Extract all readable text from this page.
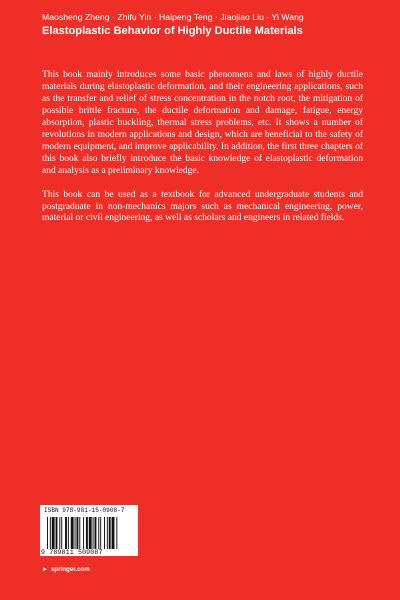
Maosheng Zheng · Zhifu Yin · Haipeng Teng · Jiaojiao Liu · Yi Wang
Elastoplastic Behavior of Highly Ductile Materials

This book mainly introduces some basic phenomena and laws of highly ductile materials during elastoplastic deformation, and their engineering applications, such as the transfer and relief of stress concentration in the notch root, the mitigation of possible brittle fracture, the ductile deformation and damage, fatigue, energy absorption, plastic buckling, thermal stress problems, etc. It shows a number of revolutions in modern applications and design, which are beneficial to the safety of modern equipment, and improve applicability. In addition, the first three chapters of this book also briefly introduce the basic knowledge of elastoplastic deformation and analysis as a preliminary knowledge.

This book can be used as a textbook for advanced undergraduate students and postgraduate in non-mechanics majors such as mechanical engineering, power, material or civil engineering, as well as scholars and engineers in related fields.

ISBN 978-981-15-0908-7
9 789811 509087
► springer.com
